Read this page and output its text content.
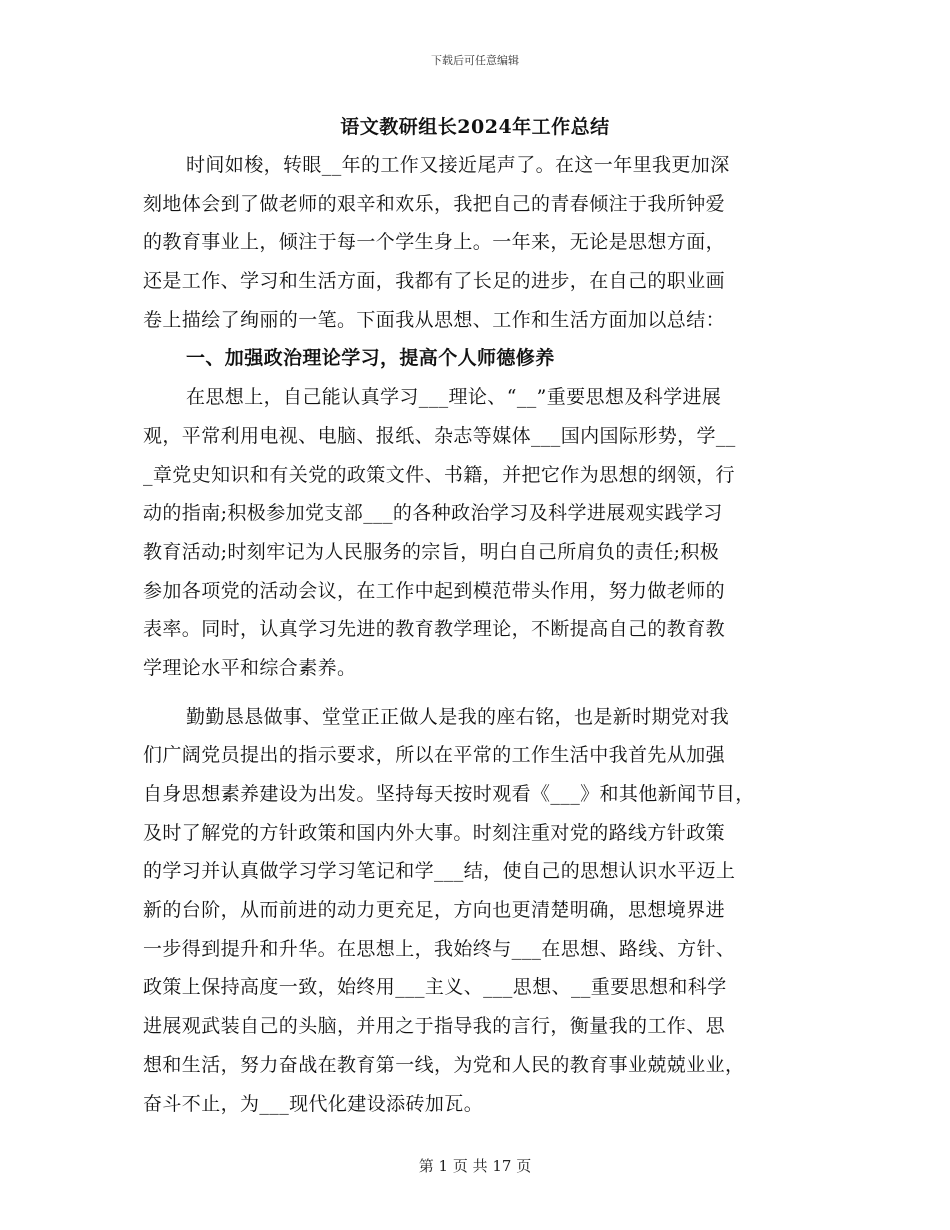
下载后可任意编辑
语文教研组长2024年工作总结
时间如梭，转眼__年的工作又接近尾声了。在这一年里我更加深
刻地体会到了做老师的艰辛和欢乐，我把自己的青春倾注于我所钟爱
的教育事业上，倾注于每一个学生身上。一年来，无论是思想方面，
还是工作、学习和生活方面，我都有了长足的进步，在自己的职业画
卷上描绘了绚丽的一笔。下面我从思想、工作和生活方面加以总结：
一、加强政治理论学习，提高个人师德修养
在思想上，自己能认真学习___理论、“__”重要思想及科学进展
观，平常利用电视、电脑、报纸、杂志等媒体___国内国际形势，学__
_章党史知识和有关党的政策文件、书籍，并把它作为思想的纲领，行
动的指南;积极参加党支部___的各种政治学习及科学进展观实践学习
教育活动;时刻牢记为人民服务的宗旨，明白自己所肩负的责任;积极
参加各项党的活动会议，在工作中起到模范带头作用，努力做老师的
表率。同时，认真学习先进的教育教学理论，不断提高自己的教育教
学理论水平和综合素养。
勤勤恳恳做事、堂堂正正做人是我的座右铭，也是新时期党对我
们广阔党员提出的指示要求，所以在平常的工作生活中我首先从加强
自身思想素养建设为出发。坚持每天按时观看《___》和其他新闻节目，
及时了解党的方针政策和国内外大事。时刻注重对党的路线方针政策
的学习并认真做学习学习笔记和学___结，使自己的思想认识水平迈上
新的台阶，从而前进的动力更充足，方向也更清楚明确，思想境界进
一步得到提升和升华。在思想上，我始终与___在思想、路线、方针、
政策上保持高度一致，始终用___主义、___思想、__重要思想和科学
进展观武装自己的头脑，并用之于指导我的言行，衡量我的工作、思
想和生活，努力奋战在教育第一线，为党和人民的教育事业兢兢业业，
奋斗不止，为___现代化建设添砖加瓦。
第 1 页 共 17 页
